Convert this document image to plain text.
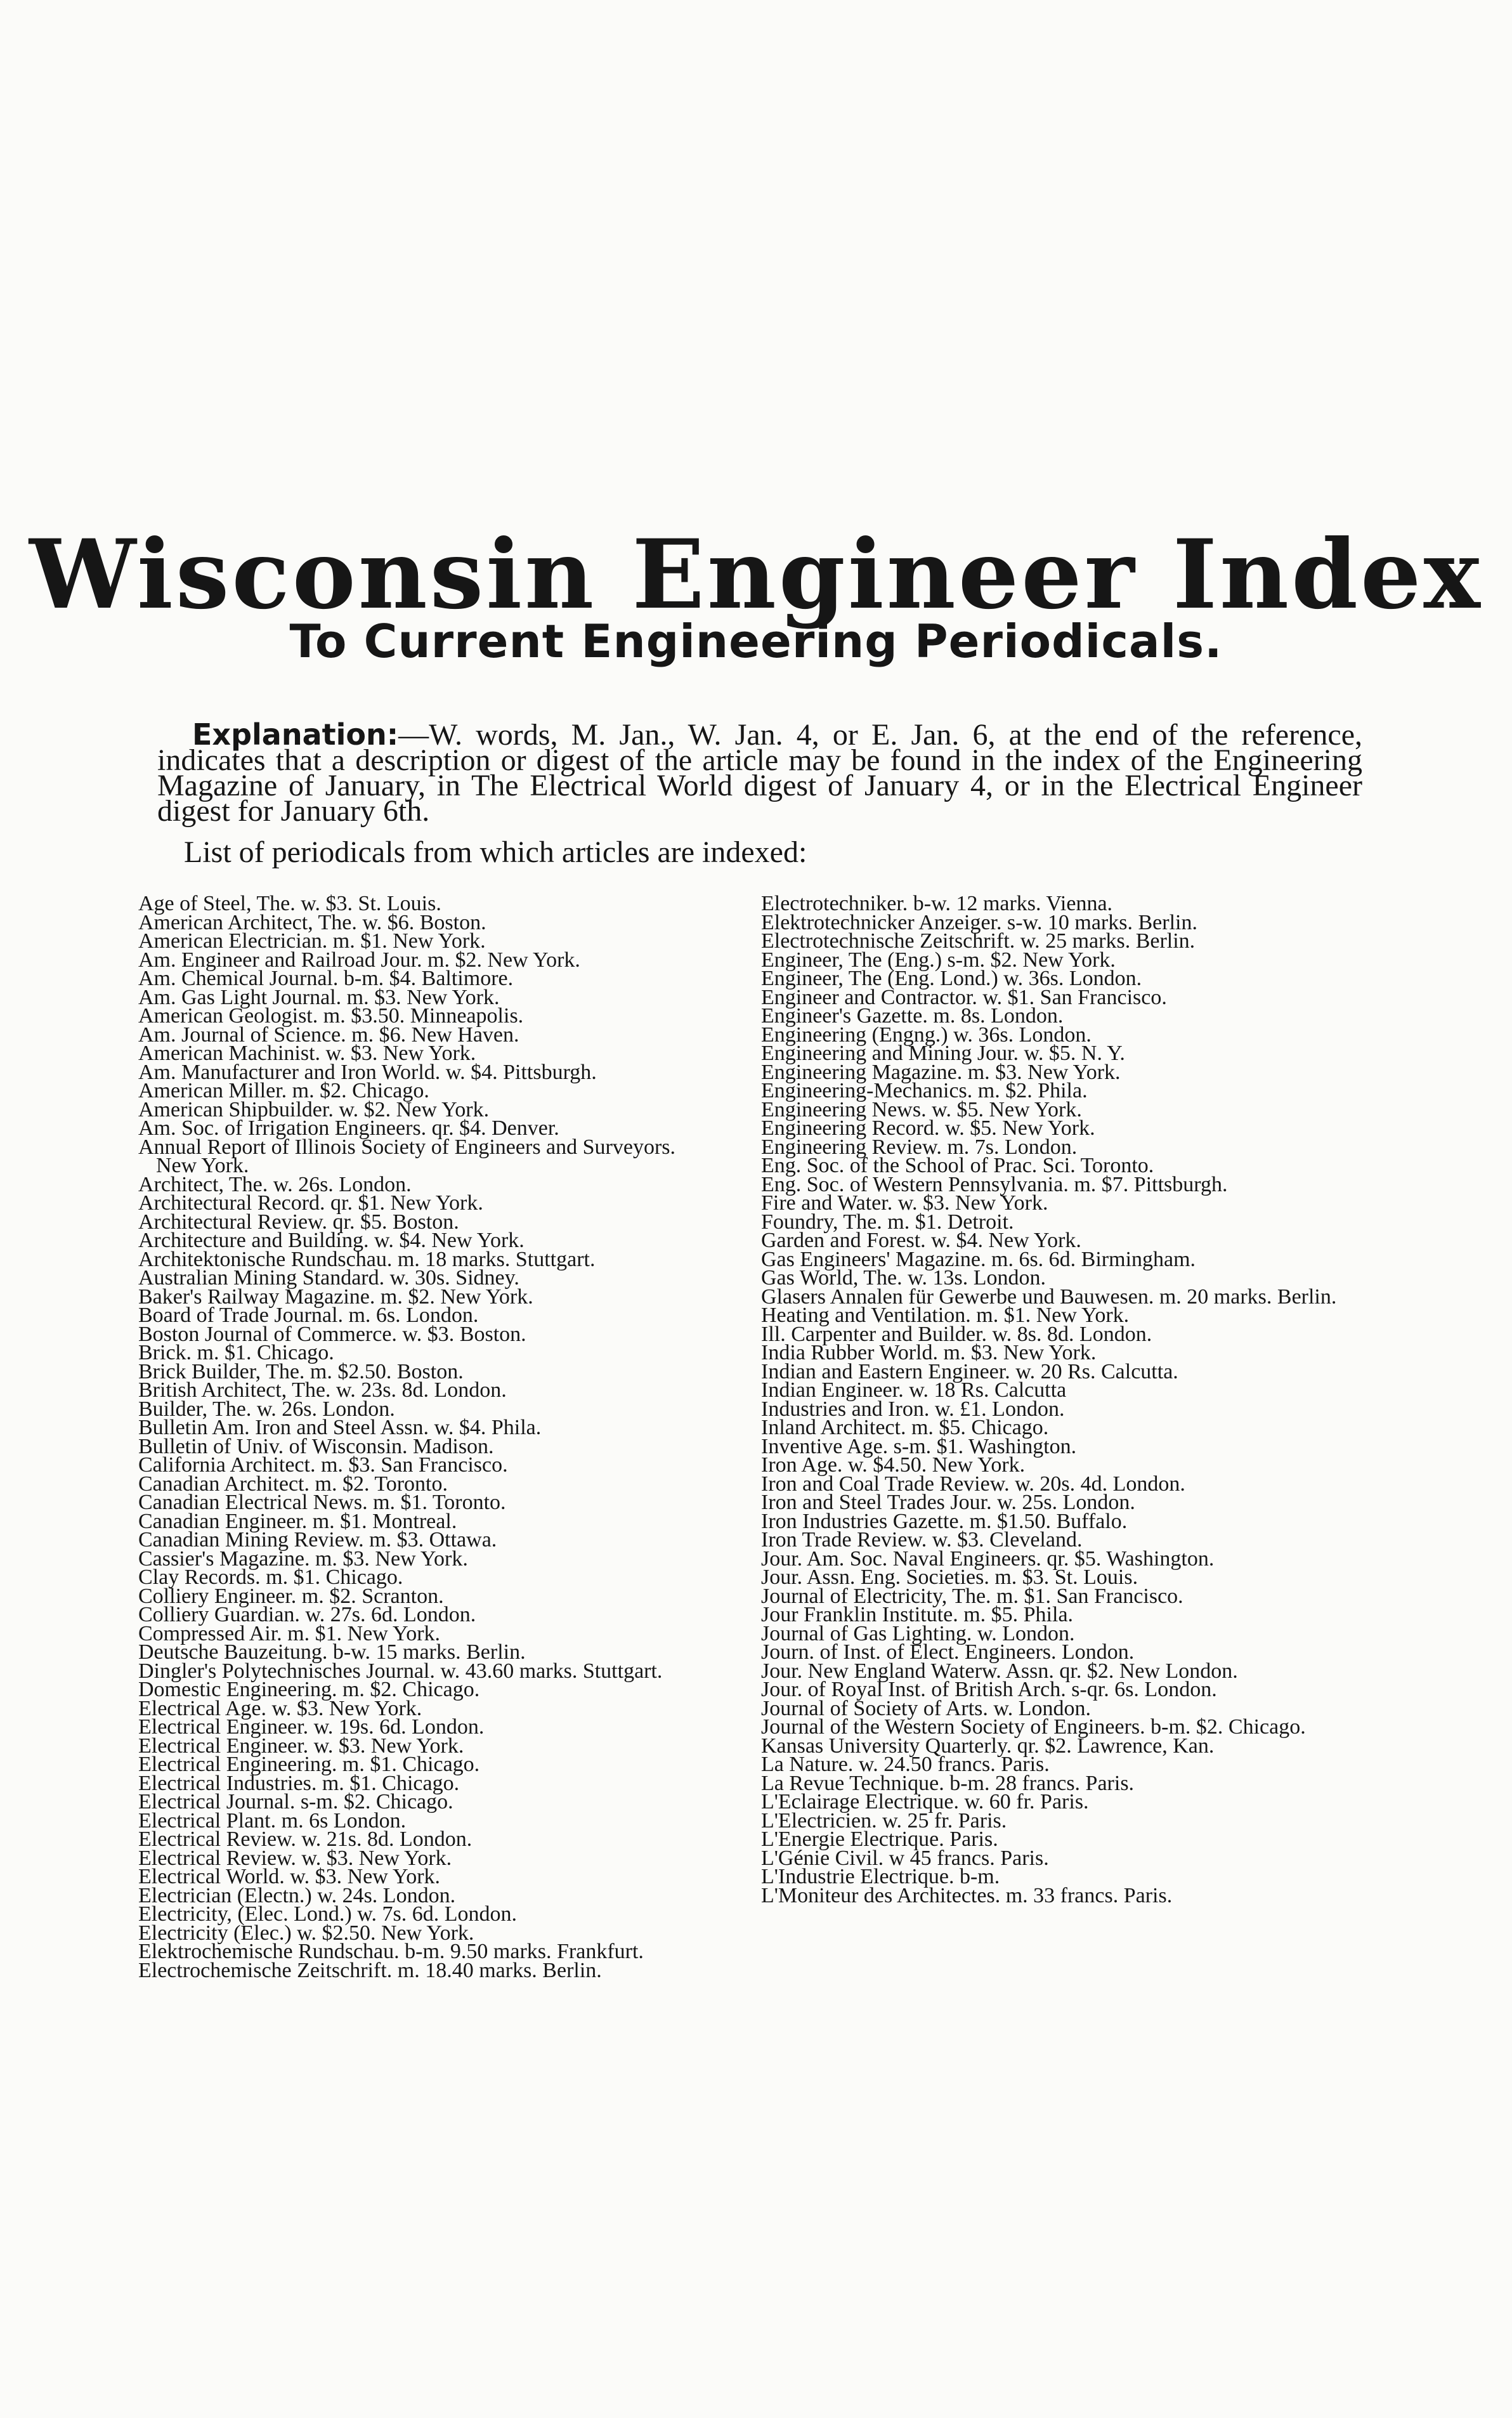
Wisconsin Engineer Index
To Current Engineering Periodicals.

Explanation:—W. words, M. Jan., W. Jan. 4, or E. Jan. 6, at the end of the reference, indicates that a description or digest of the article may be found in the index of the Engineering Magazine of January, in The Electrical World digest of January 4, or in the Electrical Engineer digest for January 6th.

List of periodicals from which articles are indexed:

Age of Steel, The. w. $3. St. Louis.

American Architect, The. w. $6. Boston.

American Electrician. m. $1. New York.

Am. Engineer and Railroad Jour. m. $2. New York.

Am. Chemical Journal. b-m. $4. Baltimore.

Am. Gas Light Journal. m. $3. New York.

American Geologist. m. $3.50. Minneapolis.

Am. Journal of Science. m. $6. New Haven.

American Machinist. w. $3. New York.

Am. Manufacturer and Iron World. w. $4. Pittsburgh.

American Miller. m. $2. Chicago.

American Shipbuilder. w. $2. New York.

Am. Soc. of Irrigation Engineers. qr. $4. Denver.

Annual Report of Illinois Society of Engineers and Surveyors. New York.

Architect, The. w. 26s. London.

Architectural Record. qr. $1. New York.

Architectural Review. qr. $5. Boston.

Architecture and Building. w. $4. New York.

Architektonische Rundschau. m. 18 marks. Stuttgart.

Australian Mining Standard. w. 30s. Sidney.

Baker's Railway Magazine. m. $2. New York.

Board of Trade Journal. m. 6s. London.

Boston Journal of Commerce. w. $3. Boston.

Brick. m. $1. Chicago.

Brick Builder, The. m. $2.50. Boston.

British Architect, The. w. 23s. 8d. London.

Builder, The. w. 26s. London.

Bulletin Am. Iron and Steel Assn. w. $4. Phila.

Bulletin of Univ. of Wisconsin. Madison.

California Architect. m. $3. San Francisco.

Canadian Architect. m. $2. Toronto.

Canadian Electrical News. m. $1. Toronto.

Canadian Engineer. m. $1. Montreal.

Canadian Mining Review. m. $3. Ottawa.

Cassier's Magazine. m. $3. New York.

Clay Records. m. $1. Chicago.

Colliery Engineer. m. $2. Scranton.

Colliery Guardian. w. 27s. 6d. London.

Compressed Air. m. $1. New York.

Deutsche Bauzeitung. b-w. 15 marks. Berlin.

Dingler's Polytechnisches Journal. w. 43.60 marks. Stuttgart.

Domestic Engineering. m. $2. Chicago.

Electrical Age. w. $3. New York.

Electrical Engineer. w. 19s. 6d. London.

Electrical Engineer. w. $3. New York.

Electrical Engineering. m. $1. Chicago.

Electrical Industries. m. $1. Chicago.

Electrical Journal. s-m. $2. Chicago.

Electrical Plant. m. 6s London.

Electrical Review. w. 21s. 8d. London.

Electrical Review. w. $3. New York.

Electrical World. w. $3. New York.

Electrician (Electn.) w. 24s. London.

Electricity, (Elec. Lond.) w. 7s. 6d. London.

Electricity (Elec.) w. $2.50. New York.

Elektrochemische Rundschau. b-m. 9.50 marks. Frankfurt.

Electrochemische Zeitschrift. m. 18.40 marks. Berlin.

Electrotechniker. b-w. 12 marks. Vienna.

Elektrotechnicker Anzeiger. s-w. 10 marks. Berlin.

Electrotechnische Zeitschrift. w. 25 marks. Berlin.

Engineer, The (Eng.) s-m. $2. New York.

Engineer, The (Eng. Lond.) w. 36s. London.

Engineer and Contractor. w. $1. San Francisco.

Engineer's Gazette. m. 8s. London.

Engineering (Engng.) w. 36s. London.

Engineering and Mining Jour. w. $5. N. Y.

Engineering Magazine. m. $3. New York.

Engineering-Mechanics. m. $2. Phila.

Engineering News. w. $5. New York.

Engineering Record. w. $5. New York.

Engineering Review. m. 7s. London.

Eng. Soc. of the School of Prac. Sci. Toronto.

Eng. Soc. of Western Pennsylvania. m. $7. Pittsburgh.

Fire and Water. w. $3. New York.

Foundry, The. m. $1. Detroit.

Garden and Forest. w. $4. New York.

Gas Engineers' Magazine. m. 6s. 6d. Birmingham.

Gas World, The. w. 13s. London.

Glasers Annalen für Gewerbe und Bauwesen. m. 20 marks. Berlin.

Heating and Ventilation. m. $1. New York.

Ill. Carpenter and Builder. w. 8s. 8d. London.

India Rubber World. m. $3. New York.

Indian and Eastern Engineer. w. 20 Rs. Calcutta.

Indian Engineer. w. 18 Rs. Calcutta

Industries and Iron. w. £1. London.

Inland Architect. m. $5. Chicago.

Inventive Age. s-m. $1. Washington.

Iron Age. w. $4.50. New York.

Iron and Coal Trade Review. w. 20s. 4d. London.

Iron and Steel Trades Jour. w. 25s. London.

Iron Industries Gazette. m. $1.50. Buffalo.

Iron Trade Review. w. $3. Cleveland.

Jour. Am. Soc. Naval Engineers. qr. $5. Washington.

Jour. Assn. Eng. Societies. m. $3. St. Louis.

Journal of Electricity, The. m. $1. San Francisco.

Jour Franklin Institute. m. $5. Phila.

Journal of Gas Lighting. w. London.

Journ. of Inst. of Elect. Engineers. London.

Jour. New England Waterw. Assn. qr. $2. New London.

Jour. of Royal Inst. of British Arch. s-qr. 6s. London.

Journal of Society of Arts. w. London.

Journal of the Western Society of Engineers. b-m. $2. Chicago.

Kansas University Quarterly. qr. $2. Lawrence, Kan.

La Nature. w. 24.50 francs. Paris.

La Revue Technique. b-m. 28 francs. Paris.

L'Eclairage Electrique. w. 60 fr. Paris.

L'Electricien. w. 25 fr. Paris.

L'Energie Electrique. Paris.

L'Génie Civil. w 45 francs. Paris.

L'Industrie Electrique. b-m.

L'Moniteur des Architectes. m. 33 francs. Paris.
